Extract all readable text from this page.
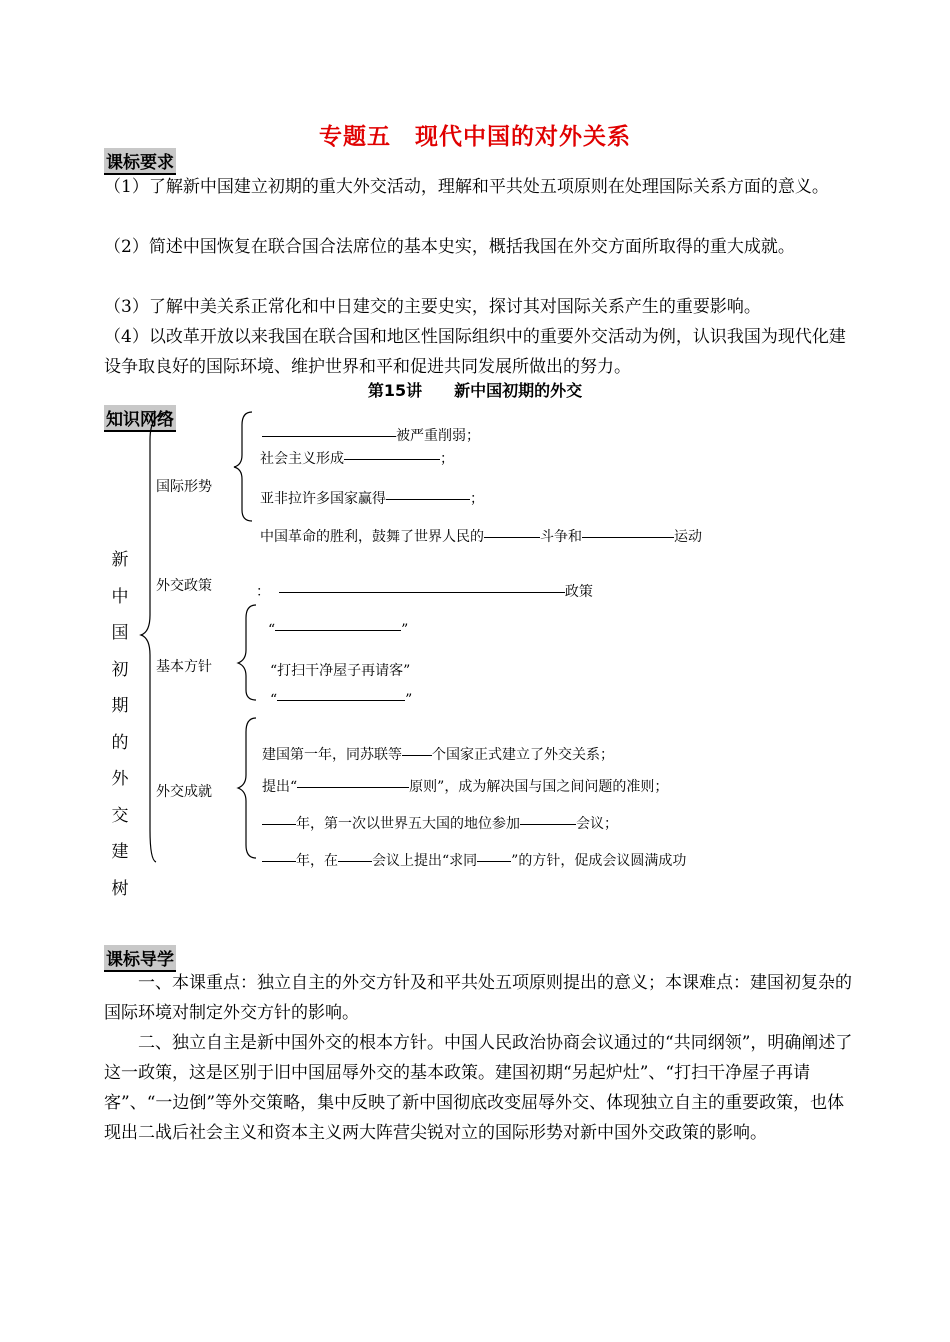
专题五　现代中国的对外关系
课标要求
（1）了解新中国建立初期的重大外交活动，理解和平共处五项原则在处理国际关系方面的意义。
（2）简述中国恢复在联合国合法席位的基本史实，概括我国在外交方面所取得的重大成就。
（3）了解中美关系正常化和中日建交的主要史实，探讨其对国际关系产生的重要影响。
（4）以改革开放以来我国在联合国和地区性国际组织中的重要外交活动为例，认识我国为现代化建设争取良好的国际环境、维护世界和平和促进共同发展所做出的努力。
第15讲　　新中国初期的外交
知识网络
新中国初期的外交建树
国际形势
外交政策
基本方针
外交成就
被严重削弱；
社会主义形成	；
亚非拉许多国家赢得	；
中国革命的胜利，鼓舞了世界人民的	斗争和	运动
：	政策
“	”
“打扫干净屋子再请客”
“	”
建国第一年，同苏联等 个国家正式建立了外交关系；
提出“	原则”，成为解决国与国之间问题的准则；
年，第一次以世界五大国的地位参加	会议；
年，在 会议上提出“求同 ”的方针，促成会议圆满成功
课标导学
一、本课重点：独立自主的外交方针及和平共处五项原则提出的意义；本课难点：建国初复杂的国际环境对制定外交方针的影响。
二、独立自主是新中国外交的根本方针。中国人民政治协商会议通过的“共同纲领”，明确阐述了这一政策，这是区别于旧中国屈辱外交的基本政策。建国初期“另起炉灶”、“打扫干净屋子再请客”、“一边倒”等外交策略，集中反映了新中国彻底改变屈辱外交、体现独立自主的重要政策，也体现出二战后社会主义和资本主义两大阵营尖锐对立的国际形势对新中国外交政策的影响。
